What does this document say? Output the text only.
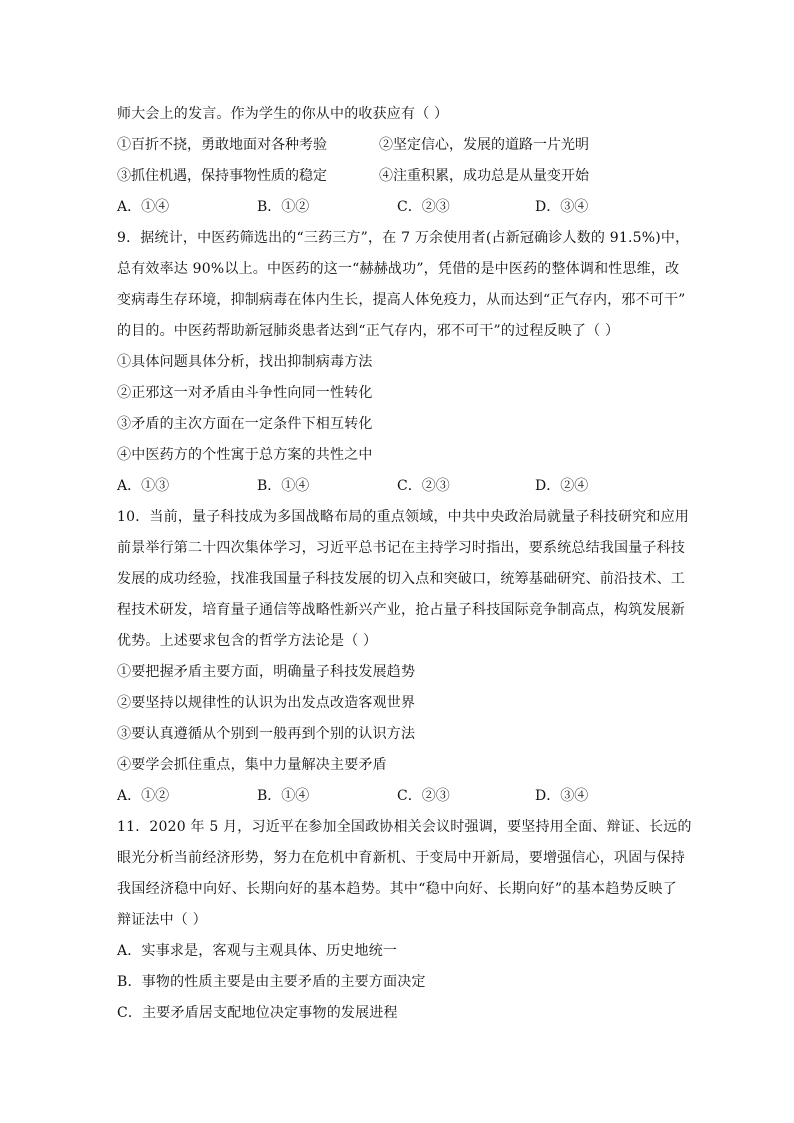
师大会上的发言。作为学生的你从中的收获应有（ ）
①百折不挠，勇敢地面对各种考验	②坚定信心，发展的道路一片光明
③抓住机遇，保持事物性质的稳定	④注重积累，成功总是从量变开始
A．①④	B．①②	C．②③	D．③④
9．据统计，中医药筛选出的“三药三方”，在 7 万余使用者(占新冠确诊人数的 91.5%)中，
总有效率达 90%以上。中医药的这一“赫赫战功”，凭借的是中医药的整体调和性思维，改
变病毒生存环境，抑制病毒在体内生长，提高人体免疫力，从而达到“正气存内，邪不可干”
的目的。中医药帮助新冠肺炎患者达到“正气存内，邪不可干”的过程反映了（ ）
①具体问题具体分析，找出抑制病毒方法
②正邪这一对矛盾由斗争性向同一性转化
③矛盾的主次方面在一定条件下相互转化
④中医药方的个性寓于总方案的共性之中
A．①③	B．①④	C．②③	D．②④
10．当前，量子科技成为多国战略布局的重点领域，中共中央政治局就量子科技研究和应用
前景举行第二十四次集体学习，习近平总书记在主持学习时指出，要系统总结我国量子科技
发展的成功经验，找准我国量子科技发展的切入点和突破口，统筹基础研究、前沿技术、工
程技术研发，培育量子通信等战略性新兴产业，抢占量子科技国际竞争制高点，构筑发展新
优势。上述要求包含的哲学方法论是（ ）
①要把握矛盾主要方面，明确量子科技发展趋势
②要坚持以规律性的认识为出发点改造客观世界
③要认真遵循从个别到一般再到个别的认识方法
④要学会抓住重点，集中力量解决主要矛盾
A．①②	B．①④	C．②③	D．③④
11．2020 年 5 月，习近平在参加全国政协相关会议时强调，要坚持用全面、辩证、长远的
眼光分析当前经济形势，努力在危机中育新机、于变局中开新局，要增强信心，巩固与保持
我国经济稳中向好、长期向好的基本趋势。其中“稳中向好、长期向好”的基本趋势反映了
辩证法中（ ）
A．实事求是，客观与主观具体、历史地统一
B．事物的性质主要是由主要矛盾的主要方面决定
C．主要矛盾居支配地位决定事物的发展进程
